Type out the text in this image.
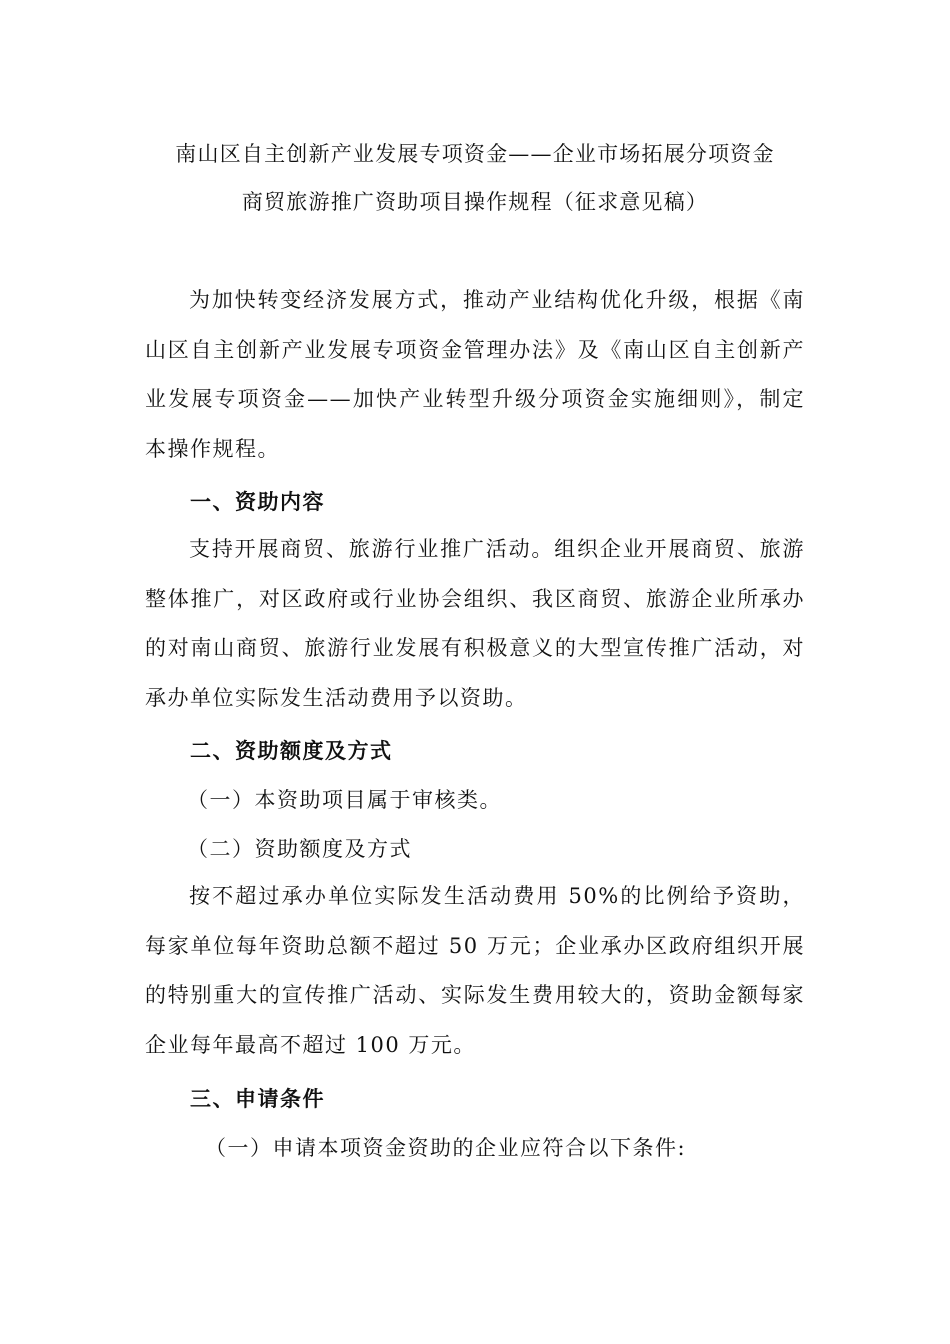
南山区自主创新产业发展专项资金——企业市场拓展分项资金
商贸旅游推广资助项目操作规程（征求意见稿）

为加快转变经济发展方式，推动产业结构优化升级，根据《南山区自主创新产业发展专项资金管理办法》及《南山区自主创新产业发展专项资金——加快产业转型升级分项资金实施细则》，制定本操作规程。

一、资助内容

支持开展商贸、旅游行业推广活动。组织企业开展商贸、旅游整体推广，对区政府或行业协会组织、我区商贸、旅游企业所承办的对南山商贸、旅游行业发展有积极意义的大型宣传推广活动，对承办单位实际发生活动费用予以资助。

二、资助额度及方式
（一）本资助项目属于审核类。
（二）资助额度及方式

按不超过承办单位实际发生活动费用 50%的比例给予资助，每家单位每年资助总额不超过 50 万元；企业承办区政府组织开展的特别重大的宣传推广活动、实际发生费用较大的，资助金额每家企业每年最高不超过 100 万元。

三、申请条件
（一）申请本项资金资助的企业应符合以下条件:
